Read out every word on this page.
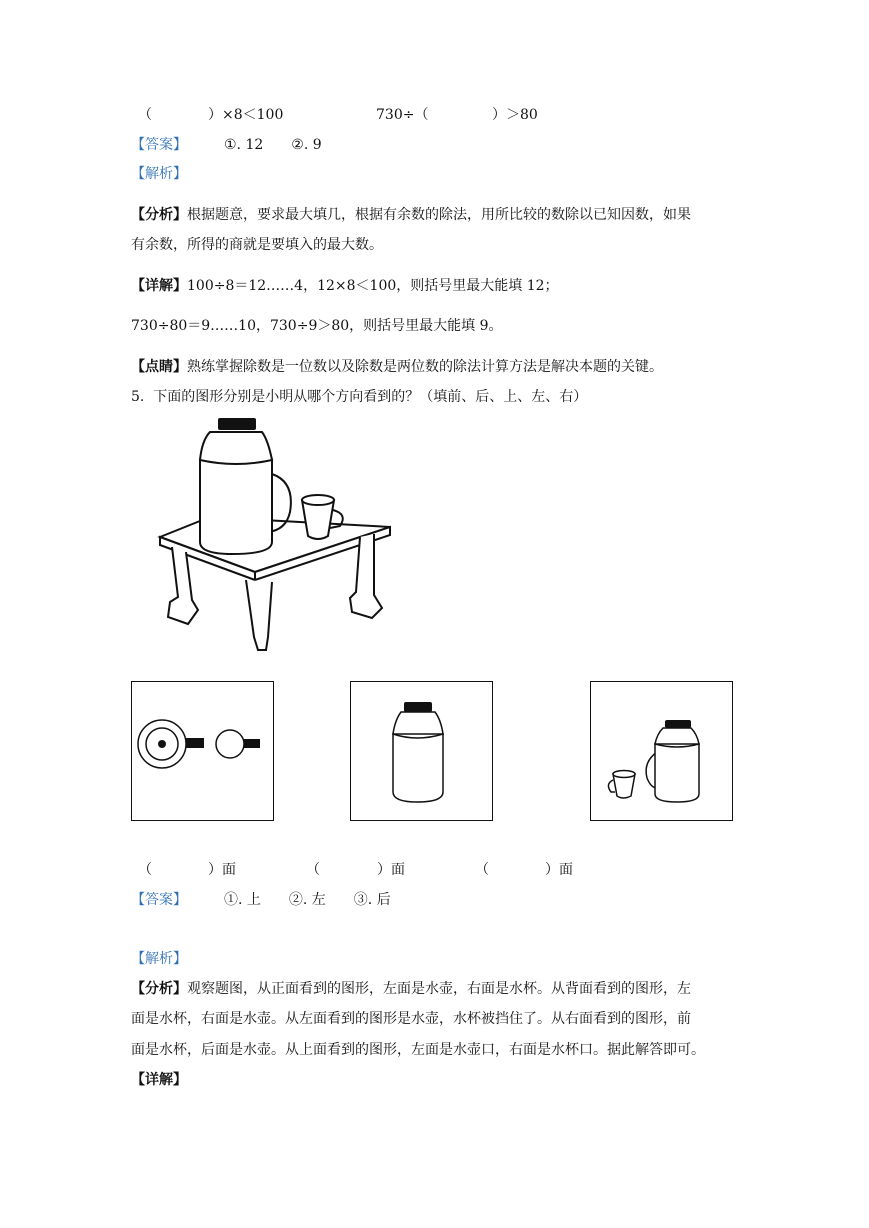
（	）×8＜100	730÷（	）＞80
【答案】	①. 12　　②. 9
【解析】
【分析】 根据题意，要求最大填几，根据有余数的除法，用所比较的数除以已知因数，如果
有余数，所得的商就是要填入的最大数。
【详解】 100÷8＝12……4，12×8＜100，则括号里最大能填 12；
730÷80＝9……10，730÷9＞80，则括号里最大能填 9。
【点睛】 熟练掌握除数是一位数以及除数是两位数的除法计算方法是解决本题的关键。
5.  下面的图形分别是小明从哪个方向看到的？（填前、后、上、左、右）
（	）面	（	）面	（	）面
【答案】	①. 上　　②. 左　　③. 后
【解析】
【分析】 观察题图，从正面看到的图形，左面是水壶，右面是水杯。从背面看到的图形，左
面是水杯，右面是水壶。从左面看到的图形是水壶，水杯被挡住了。从右面看到的图形，前
面是水杯，后面是水壶。从上面看到的图形，左面是水壶口，右面是水杯口。据此解答即可。
【详解】
